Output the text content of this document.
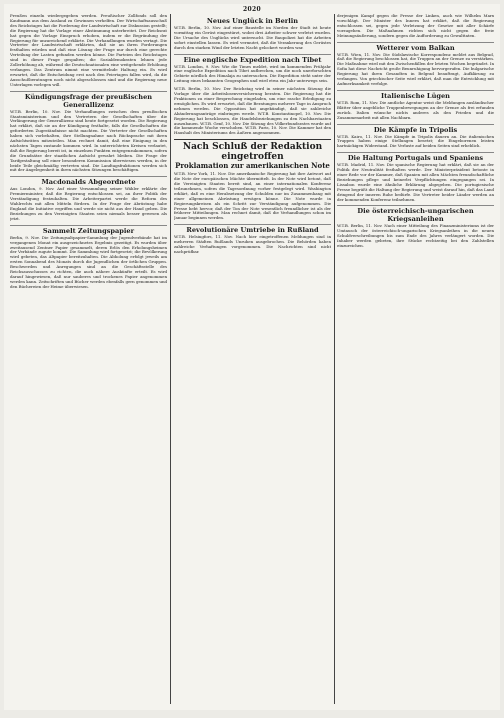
2020

Preußen einzeln wiedergegeben werden. Preußischer Zollfonds soll den Kaufmann aus dem Ausland zu Gewinnen verhelfen. Der Wirtschaftsausschuß des Reichstages hat die Forderung der Landwirtschaft zur Diskussion gestellt; die Regierung hat die Vorlage einer Abstimmung unterbreitet. Der Reichsrat hat gegen die Vorlage Einspruch erhoben, indem er die Begründung der Regierung für unzureichend erklärte. Die Verhandlungen wurden vertagt. Die Vertreter der Landwirtschaft erklärten, daß sie an ihren Forderungen festhalten würden und daß eine Lösung der Frage nur durch eine gerechte Verteilung der Lasten gefunden werden könne. Die Parteien des Reichstages sind in dieser Frage gespalten; die Sozialdemokraten lehnen jede Zollerhöhung ab, während die Deutschnationalen eine weitgehende Erhöhung verlangen. Das Zentrum nimmt eine vermittelnde Haltung ein. Es wird erwartet, daß die Entscheidung erst nach den Feiertagen fallen wird, da die Ausschußberatungen noch nicht abgeschlossen sind und die Regierung neue Unterlagen vorlegen will.

Kündigungsfrage der preußischen Generallizenz

W.T.B. Berlin, 10. Nov. Die Verhandlungen zwischen dem preußischen Staatsministerium und den Vertretern der Gesellschaften über die Verlängerung der Generallizenz sind heute fortgesetzt worden. Die Regierung hat erklärt, daß sie an der Kündigung festhalte, falls die Gesellschaften die geforderten Zugeständnisse nicht machten. Die Vertreter der Gesellschaften haben sich vorbehalten, ihre Stellungnahme nach Rücksprache mit ihren Aufsichtsräten mitzuteilen. Man rechnet damit, daß eine Einigung in den nächsten Tagen zustande kommen wird. In unterrichteten Kreisen verlautet, daß die Regierung bereit ist, in einzelnen Punkten entgegenzukommen, sofern die Grundsätze der staatlichen Aufsicht gewahrt bleiben. Die Frage der Tarifgestaltung soll einer besonderen Kommission überwiesen werden, in der beide Teile gleichmäßig vertreten sind. Die Landtagsfraktionen werden sich mit der Angelegenheit in ihren nächsten Sitzungen beschäftigen.

Macdonalds Abgeordnete

Aus London, 9. Nov. Auf einer Versammlung seiner Wähler erklärte der Premierminister, daß die Regierung entschlossen sei, an ihrer Politik der Verständigung festzuhalten. Die Arbeiterpartei werde die Reform des Wahlrechts mit allen Mitteln fördern. In der Frage der Abrüstung habe England die Initiative ergriffen und werde sie nicht aus der Hand geben. Die Beziehungen zu den Vereinigten Staaten seien niemals besser gewesen als jetzt.

Sammelt Zeitungspapier

Berlin, 9. Nov. Die Zeitungsaltpapier-Sammlung der Jugendverbände hat im vergangenen Monat ein ausgezeichnetes Ergebnis gezeitigt. Es wurden über zweitausend Zentner Papier gesammelt, deren Erlös den Erholungsheimen der Verbände zugute kommt. Die Sammlung wird fortgesetzt; die Bevölkerung wird gebeten, das Altpapier bereitzuhalten. Die Abholung erfolgt jeweils am ersten Sonnabend des Monats durch die Jugendlichen der örtlichen Gruppen. Beschwerden und Anregungen sind an die Geschäftsstelle des Reichsausschusses zu richten, die auch nähere Auskünfte erteilt. Es wird darauf hingewiesen, daß nur sauberes und trockenes Papier angenommen werden kann. Zeitschriften und Bücher werden ebenfalls gern genommen und den Büchereien der Heime überwiesen.

Neues Unglück in Berlin

W.T.B. Berlin, 10. Nov. Auf einer Baustelle im Norden der Stadt ist heute vormittag ein Gerüst eingestürzt, wobei drei Arbeiter schwer verletzt wurden. Die Ursache des Unglücks wird untersucht. Die Baupolizei hat die Arbeiten sofort einstellen lassen. Es wird vermutet, daß die Verankerung des Gerüstes durch den starken Wind der letzten Nacht gelockert worden war.

Eine englische Expedition nach Tibet

W.T.B. London, 9. Nov. Wie die Times meldet, wird im kommenden Frühjahr eine englische Expedition nach Tibet aufbrechen, um die noch unerforschten Gebiete nördlich des Himalaja zu untersuchen. Die Expedition steht unter der Leitung eines bekannten Geographen und wird etwa ein Jahr unterwegs sein.

W.T.B. Berlin, 10. Nov. Der Reichstag wird in seiner nächsten Sitzung die Vorlage über die Arbeitslosenversicherung beraten. Die Regierung hat die Fraktionen zu einer Besprechung eingeladen, um eine rasche Erledigung zu ermöglichen. Es wird erwartet, daß die Beratungen mehrere Tage in Anspruch nehmen werden. Die Opposition hat angekündigt, daß sie zahlreiche Abänderungsanträge einbringen werde. W.T.B. Konstantinopel, 10. Nov. Die Regierung hat beschlossen, die Handelsbeziehungen zu den Nachbarstaaten auszubauen. W.T.B. Genf, 10. Nov. Die Sitzung des Völkerbundsrates wurde auf die kommende Woche verschoben. W.T.B. Paris, 10. Nov. Die Kammer hat den Haushalt des Ministeriums des Äußern angenommen.

Nach Schluß der Redaktion eingetroffen
Proklamation zur amerikanischen Note

W.T.B. New York, 11. Nov. Die amerikanische Regierung hat ihre Antwort auf die Note der europäischen Mächte übermittelt. In der Note wird betont, daß die Vereinigten Staaten bereit sind, an einer internationalen Konferenz teilzunehmen, sofern die Tagesordnung vorher festgelegt wird. Washington erklärt, daß es eine Herabsetzung der Schulden nur im Zusammenhang mit einer allgemeinen Abrüstung erwägen könne. Die Note wurde in Regierungskreisen als ein Schritt zur Verständigung aufgenommen. Die Presse hebt hervor, daß der Ton der Note wesentlich freundlicher ist als der früherer Mitteilungen. Man rechnet damit, daß die Verhandlungen schon im Januar beginnen werden.

Revolutionäre Umtriebe in Rußland

W.T.B. Helsingfors, 11. Nov. Nach hier eingetroffenen Meldungen sind in mehreren Städten Rußlands Unruhen ausgebrochen. Die Behörden haben zahlreiche Verhaftungen vorgenommen. Die Nachrichten sind nicht nachprüfbar.

derjenigen Kampf gegen die Presse der Linken, auch wie Wilhelm Marx vorschlägt. Der Minister des Innern hat erklärt, daß die Regierung entschlossen sei, gegen jede Verletzung der Gesetze mit aller Schärfe vorzugehen. Die Maßnahmen richten sich nicht gegen die freie Meinungsäußerung, sondern gegen die Aufforderung zu Gewalttaten.

Wetterer vom Balkan

W.T.B. Wien, 11. Nov. Die Südslawische Korrespondenz meldet aus Belgrad, daß die Regierung beschlossen hat, die Truppen an der Grenze zu verstärken. Die Maßnahme wird mit den Zwischenfällen der letzten Wochen begründet. In Sofia hat diese Nachricht große Beunruhigung hervorgerufen. Die bulgarische Regierung hat ihren Gesandten in Belgrad beauftragt, Aufklärung zu verlangen. Von griechischer Seite wird erklärt, daß man die Entwicklung mit Aufmerksamkeit verfolge.

Italienische Lügen

W.T.B. Rom, 11. Nov. Die amtliche Agentur weist die Meldungen ausländischer Blätter über angebliche Truppenbewegungen an der Grenze als frei erfunden zurück. Italien wünsche nichts anderes als den Frieden und die Zusammenarbeit mit allen Nachbarn.

Die Kämpfe in Tripolis

W.T.B. Kairo, 11. Nov. Die Kämpfe in Tripolis dauern an. Die italienischen Truppen haben einige Stellungen besetzt; die Eingeborenen leisten hartnäckigen Widerstand. Die Verluste auf beiden Seiten sind erheblich.

Die Haltung Portugals und Spaniens

W.T.B. Madrid, 11. Nov. Die spanische Regierung hat erklärt, daß sie an der Politik der Neutralität festhalten werde. Der Ministerpräsident betonte in einer Rede vor der Kammer, daß Spanien mit allen Mächten freundschaftliche Beziehungen pflege und keinerlei Verpflichtungen eingegangen sei. In Lissabon wurde eine ähnliche Erklärung abgegeben. Die portugiesische Presse begrüßt die Haltung der Regierung und weist darauf hin, daß das Land dringend der inneren Ruhe bedürfe. Die Vertreter beider Länder werden an der kommenden Konferenz teilnehmen.

Die österreichisch-ungarischen Kriegsanleihen

W.T.B. Berlin, 11. Nov. Nach einer Mitteilung des Finanzministeriums ist der Umtausch der österreichisch-ungarischen Kriegsanleihen in die neuen Schuldverschreibungen bis zum Ende des Jahres verlängert worden. Die Inhaber werden gebeten, ihre Stücke rechtzeitig bei den Zahlstellen einzureichen.
